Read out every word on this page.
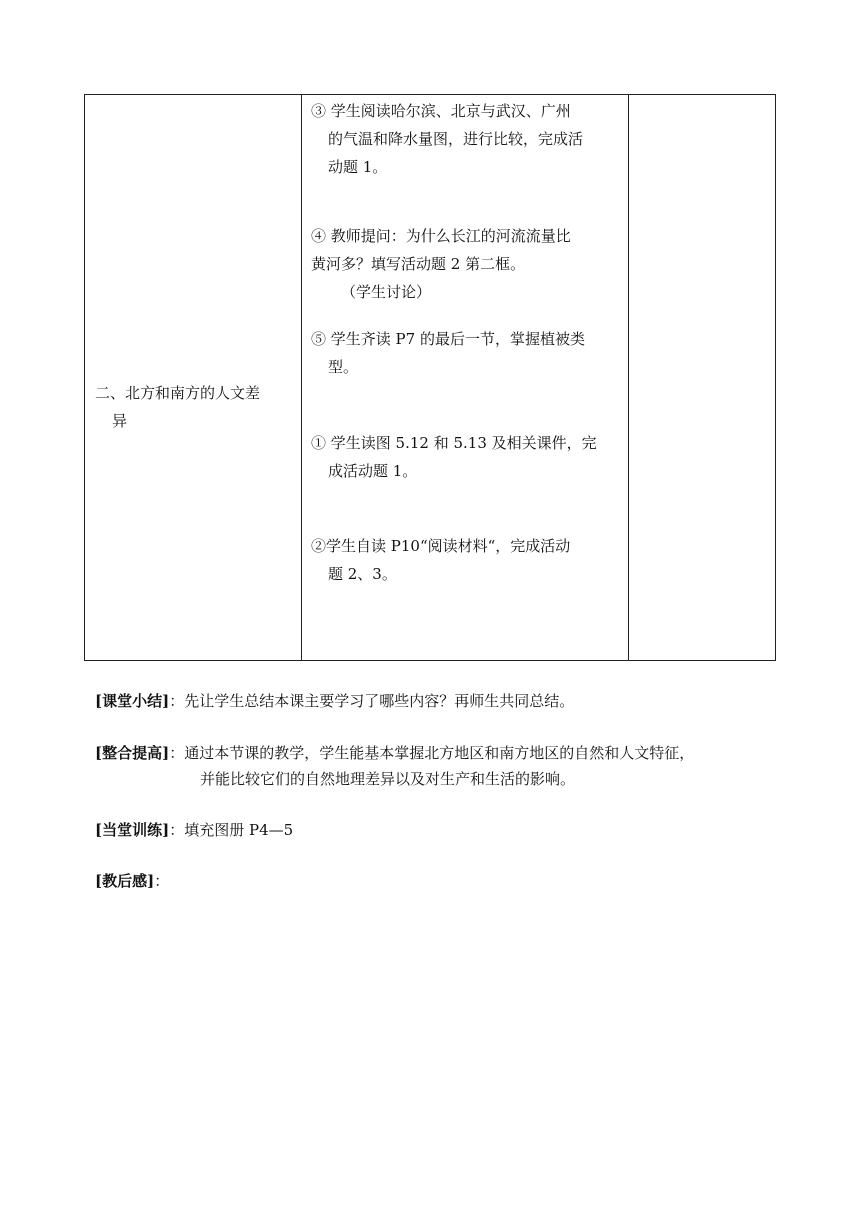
二、北方和南方的人文差
异
③ 学生阅读哈尔滨、北京与武汉、广州
的气温和降水量图，进行比较，完成活
动题 1。
④ 教师提问：为什么长江的河流流量比
黄河多？填写活动题 2 第二框。
（学生讨论）
⑤ 学生齐读 P7 的最后一节，掌握植被类
型。
① 学生读图 5.12 和 5.13 及相关课件，完
成活动题 1。
②学生自读 P10“阅读材料“，完成活动
题 2、3。
[课堂小结]：先让学生总结本课主要学习了哪些内容？再师生共同总结。
[整合提高]：通过本节课的教学，学生能基本掌握北方地区和南方地区的自然和人文特征，
并能比较它们的自然地理差异以及对生产和生活的影响。
[当堂训练]：填充图册 P4—5
[教后感]：
